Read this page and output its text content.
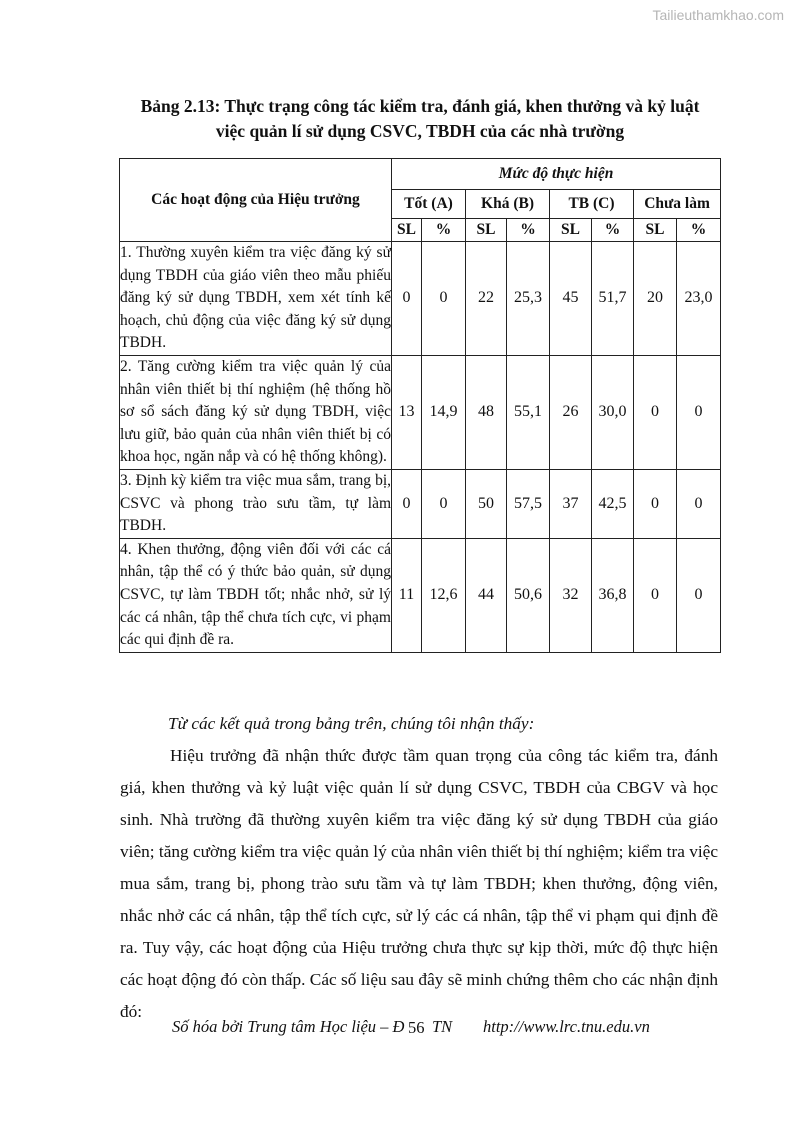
Tailieuthamkhao.com
Bảng 2.13: Thực trạng công tác kiểm tra, đánh giá, khen thưởng và kỷ luật
việc quản lí sử dụng CSVC, TBDH của các nhà trường
Các hoạt động của Hiệu trưởng	Mức độ thực hiện							
	Tốt (A)		Khá (B)		TB (C)		Chưa làm	
	SL	%	SL	%	SL	%	SL	%
1. Thường xuyên kiểm tra việc đăng ký sử dụng TBDH của giáo viên theo mẫu phiếu đăng ký sử dụng TBDH, xem xét tính kế hoạch, chủ động của việc đăng ký sử dụng TBDH.	0	0	22	25,3	45	51,7	20	23,0
2. Tăng cường kiểm tra việc quản lý của nhân viên thiết bị thí nghiệm (hệ thống hồ sơ sổ sách đăng ký sử dụng TBDH, việc lưu giữ, bảo quản của nhân viên thiết bị có khoa học, ngăn nắp và có hệ thống không).	13	14,9	48	55,1	26	30,0	0	0
3. Định kỳ kiểm tra việc mua sắm, trang bị, CSVC và phong trào sưu tầm, tự làm TBDH.	0	0	50	57,5	37	42,5	0	0
4. Khen thưởng, động viên đối với các cá nhân, tập thể có ý thức bảo quản, sử dụng CSVC, tự làm TBDH tốt; nhắc nhở, sử lý các cá nhân, tập thể chưa tích cực, vi phạm các qui định đề ra.	11	12,6	44	50,6	32	36,8	0	0
Từ các kết quả trong bảng trên, chúng tôi nhận thấy:
Hiệu trưởng đã nhận thức được tầm quan trọng của công tác kiểm tra, đánh giá, khen thưởng và kỷ luật việc quản lí sử dụng CSVC, TBDH của CBGV và học sinh. Nhà trường đã thường xuyên kiểm tra việc đăng ký sử dụng TBDH của giáo viên; tăng cường kiểm tra việc quản lý của nhân viên thiết bị thí nghiệm; kiểm tra việc mua sắm, trang bị, phong trào sưu tầm và tự làm TBDH; khen thưởng, động viên, nhắc nhở các cá nhân, tập thể tích cực, sử lý các cá nhân, tập thể vi phạm qui định đề ra. Tuy vậy, các hoạt động của Hiệu trưởng chưa thực sự kịp thời, mức độ thực hiện các hoạt động đó còn thấp. Các số liệu sau đây sẽ minh chứng thêm cho các nhận định đó:
Số hóa bởi Trung tâm Học liệu – Đ 56 TN http://www.lrc.tnu.edu.vn
